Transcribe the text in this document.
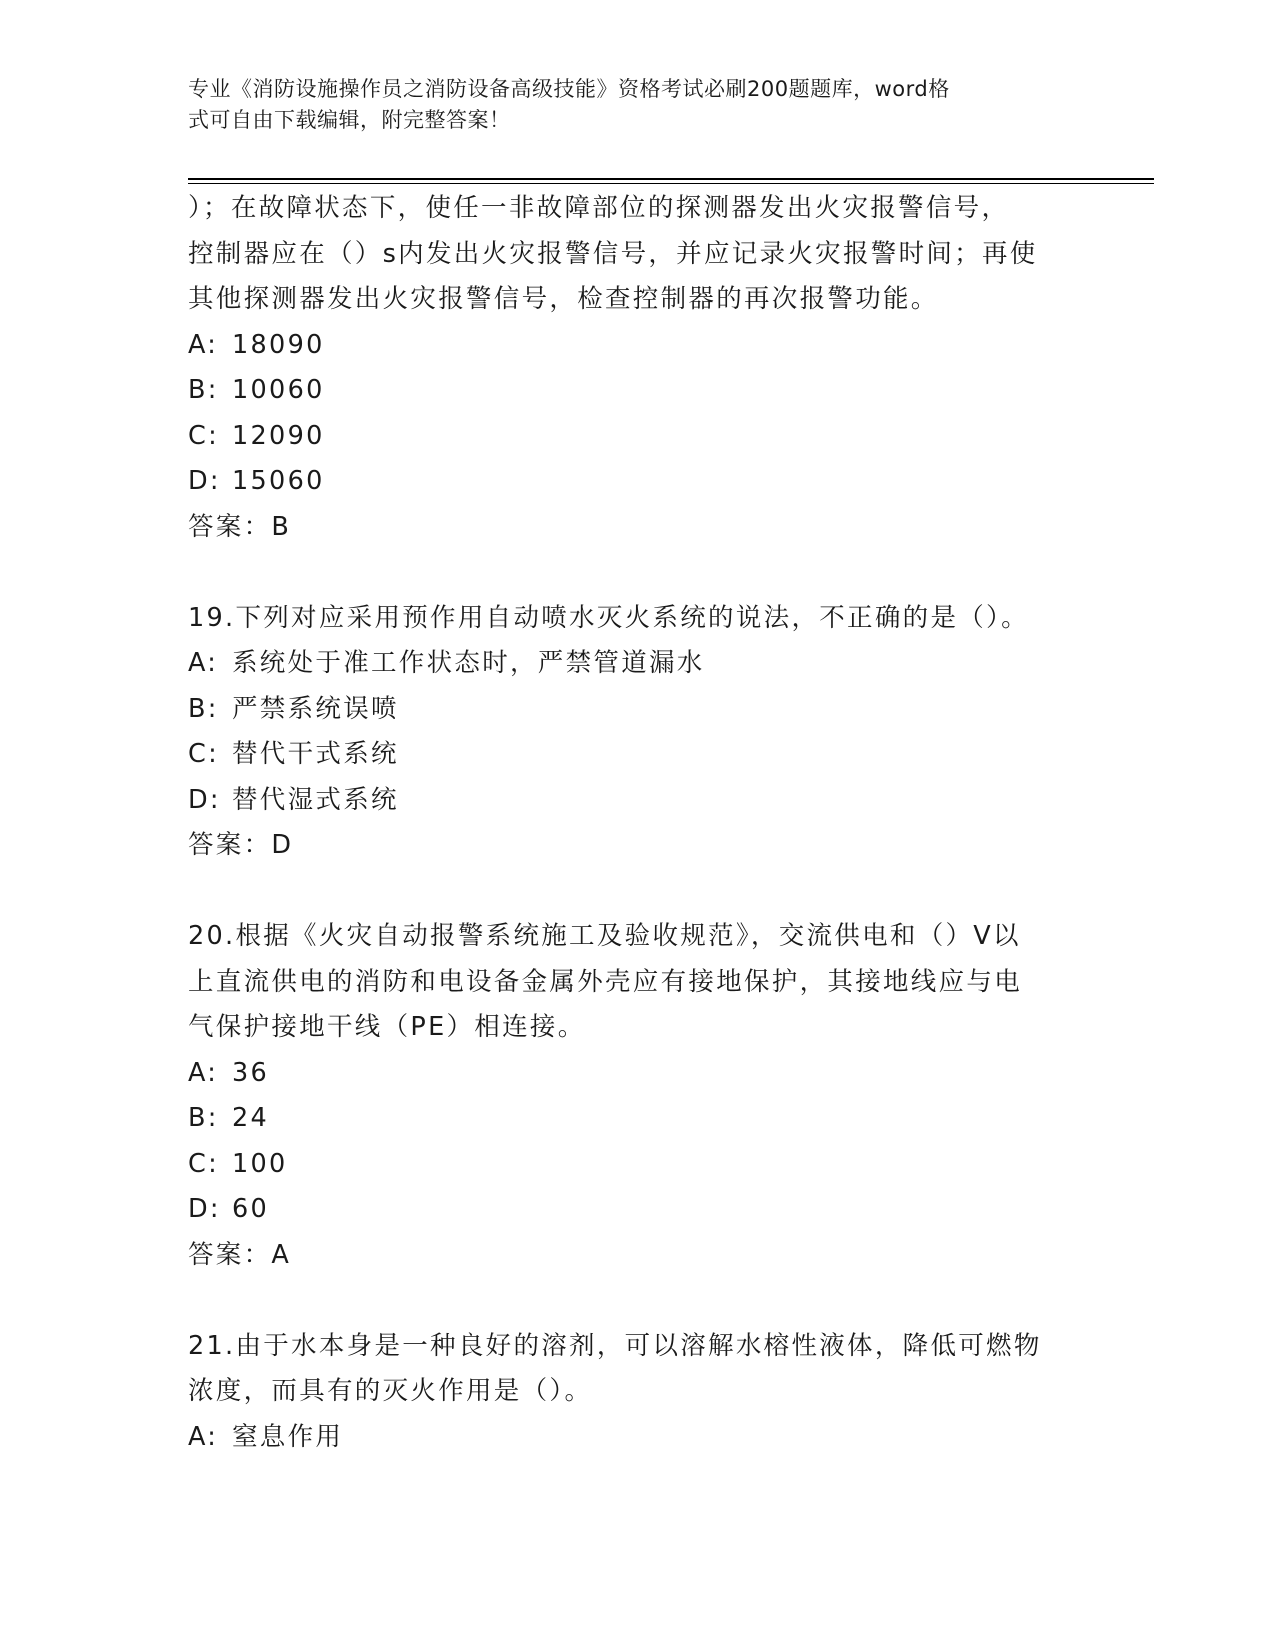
专业《消防设施操作员之消防设备高级技能》资格考试必刷200题题库，word格
式可自由下载编辑，附完整答案！
）；在故障状态下，使任一非故障部位的探测器发出火灾报警信号，
控制器应在（）s内发出火灾报警信号，并应记录火灾报警时间；再使
其他探测器发出火灾报警信号，检查控制器的再次报警功能。
A: 18090
B: 10060
C: 12090
D: 15060
答案：B
19.下列对应采用预作用自动喷水灭火系统的说法，不正确的是（）。
A: 系统处于准工作状态时，严禁管道漏水
B: 严禁系统误喷
C: 替代干式系统
D: 替代湿式系统
答案：D
20.根据《火灾自动报警系统施工及验收规范》，交流供电和（）V以
上直流供电的消防和电设备金属外壳应有接地保护，其接地线应与电
气保护接地干线（PE）相连接。
A: 36
B: 24
C: 100
D: 60
答案：A
21.由于水本身是一种良好的溶剂，可以溶解水榕性液体，降低可燃物
浓度，而具有的灭火作用是（）。
A: 窒息作用
